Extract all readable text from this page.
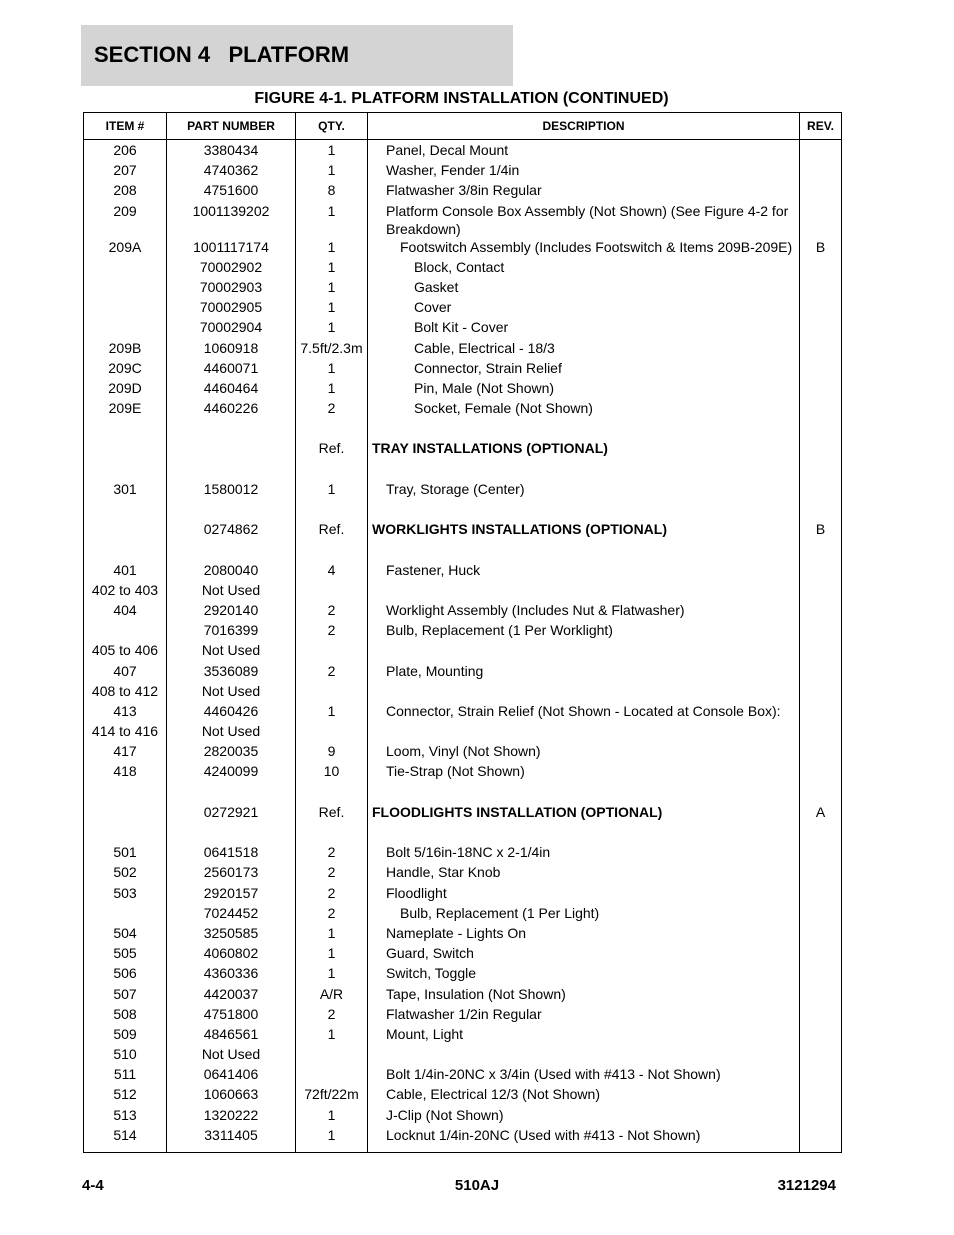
SECTION 4   PLATFORM
FIGURE 4-1. PLATFORM INSTALLATION (CONTINUED)
ITEM #	PART NUMBER	QTY.	DESCRIPTION	REV.
206	3380434	1	Panel, Decal Mount	
207	4740362	1	Washer, Fender 1/4in	
208	4751600	8	Flatwasher 3/8in Regular	
209	1001139202	1	Platform Console Box Assembly (Not Shown) (See Figure 4-2 for Breakdown)	
209A	1001117174	1	Footswitch Assembly (Includes Footswitch & Items 209B-209E)	B
	70002902	1	Block, Contact	
	70002903	1	Gasket	
	70002905	1	Cover	
	70002904	1	Bolt Kit - Cover	
209B	1060918	7.5ft/2.3m	Cable, Electrical - 18/3	
209C	4460071	1	Connector, Strain Relief	
209D	4460464	1	Pin, Male (Not Shown)	
209E	4460226	2	Socket, Female (Not Shown)	

		Ref.	TRAY INSTALLATIONS (OPTIONAL)	

301	1580012	1	Tray, Storage (Center)	

	0274862	Ref.	WORKLIGHTS INSTALLATIONS (OPTIONAL)	B

401	2080040	4	Fastener, Huck	
402 to 403	Not Used			
404	2920140	2	Worklight Assembly (Includes Nut & Flatwasher)	
	7016399	2	Bulb, Replacement (1 Per Worklight)	
405 to 406	Not Used			
407	3536089	2	Plate, Mounting	
408 to 412	Not Used			
413	4460426	1	Connector, Strain Relief (Not Shown - Located at Console Box):	
414 to 416	Not Used			
417	2820035	9	Loom, Vinyl (Not Shown)	
418	4240099	10	Tie-Strap (Not Shown)	

	0272921	Ref.	FLOODLIGHTS INSTALLATION (OPTIONAL)	A

501	0641518	2	Bolt 5/16in-18NC x 2-1/4in	
502	2560173	2	Handle, Star Knob	
503	2920157	2	Floodlight	
	7024452	2	Bulb, Replacement (1 Per Light)	
504	3250585	1	Nameplate - Lights On	
505	4060802	1	Guard, Switch	
506	4360336	1	Switch, Toggle	
507	4420037	A/R	Tape, Insulation (Not Shown)	
508	4751800	2	Flatwasher 1/2in Regular	
509	4846561	1	Mount, Light	
510	Not Used			
511	0641406		Bolt 1/4in-20NC x 3/4in (Used with #413 - Not Shown)	
512	1060663	72ft/22m	Cable, Electrical 12/3 (Not Shown)	
513	1320222	1	J-Clip (Not Shown)	
514	3311405	1	Locknut 1/4in-20NC (Used with #413 - Not Shown)	
4-4	510AJ	3121294
